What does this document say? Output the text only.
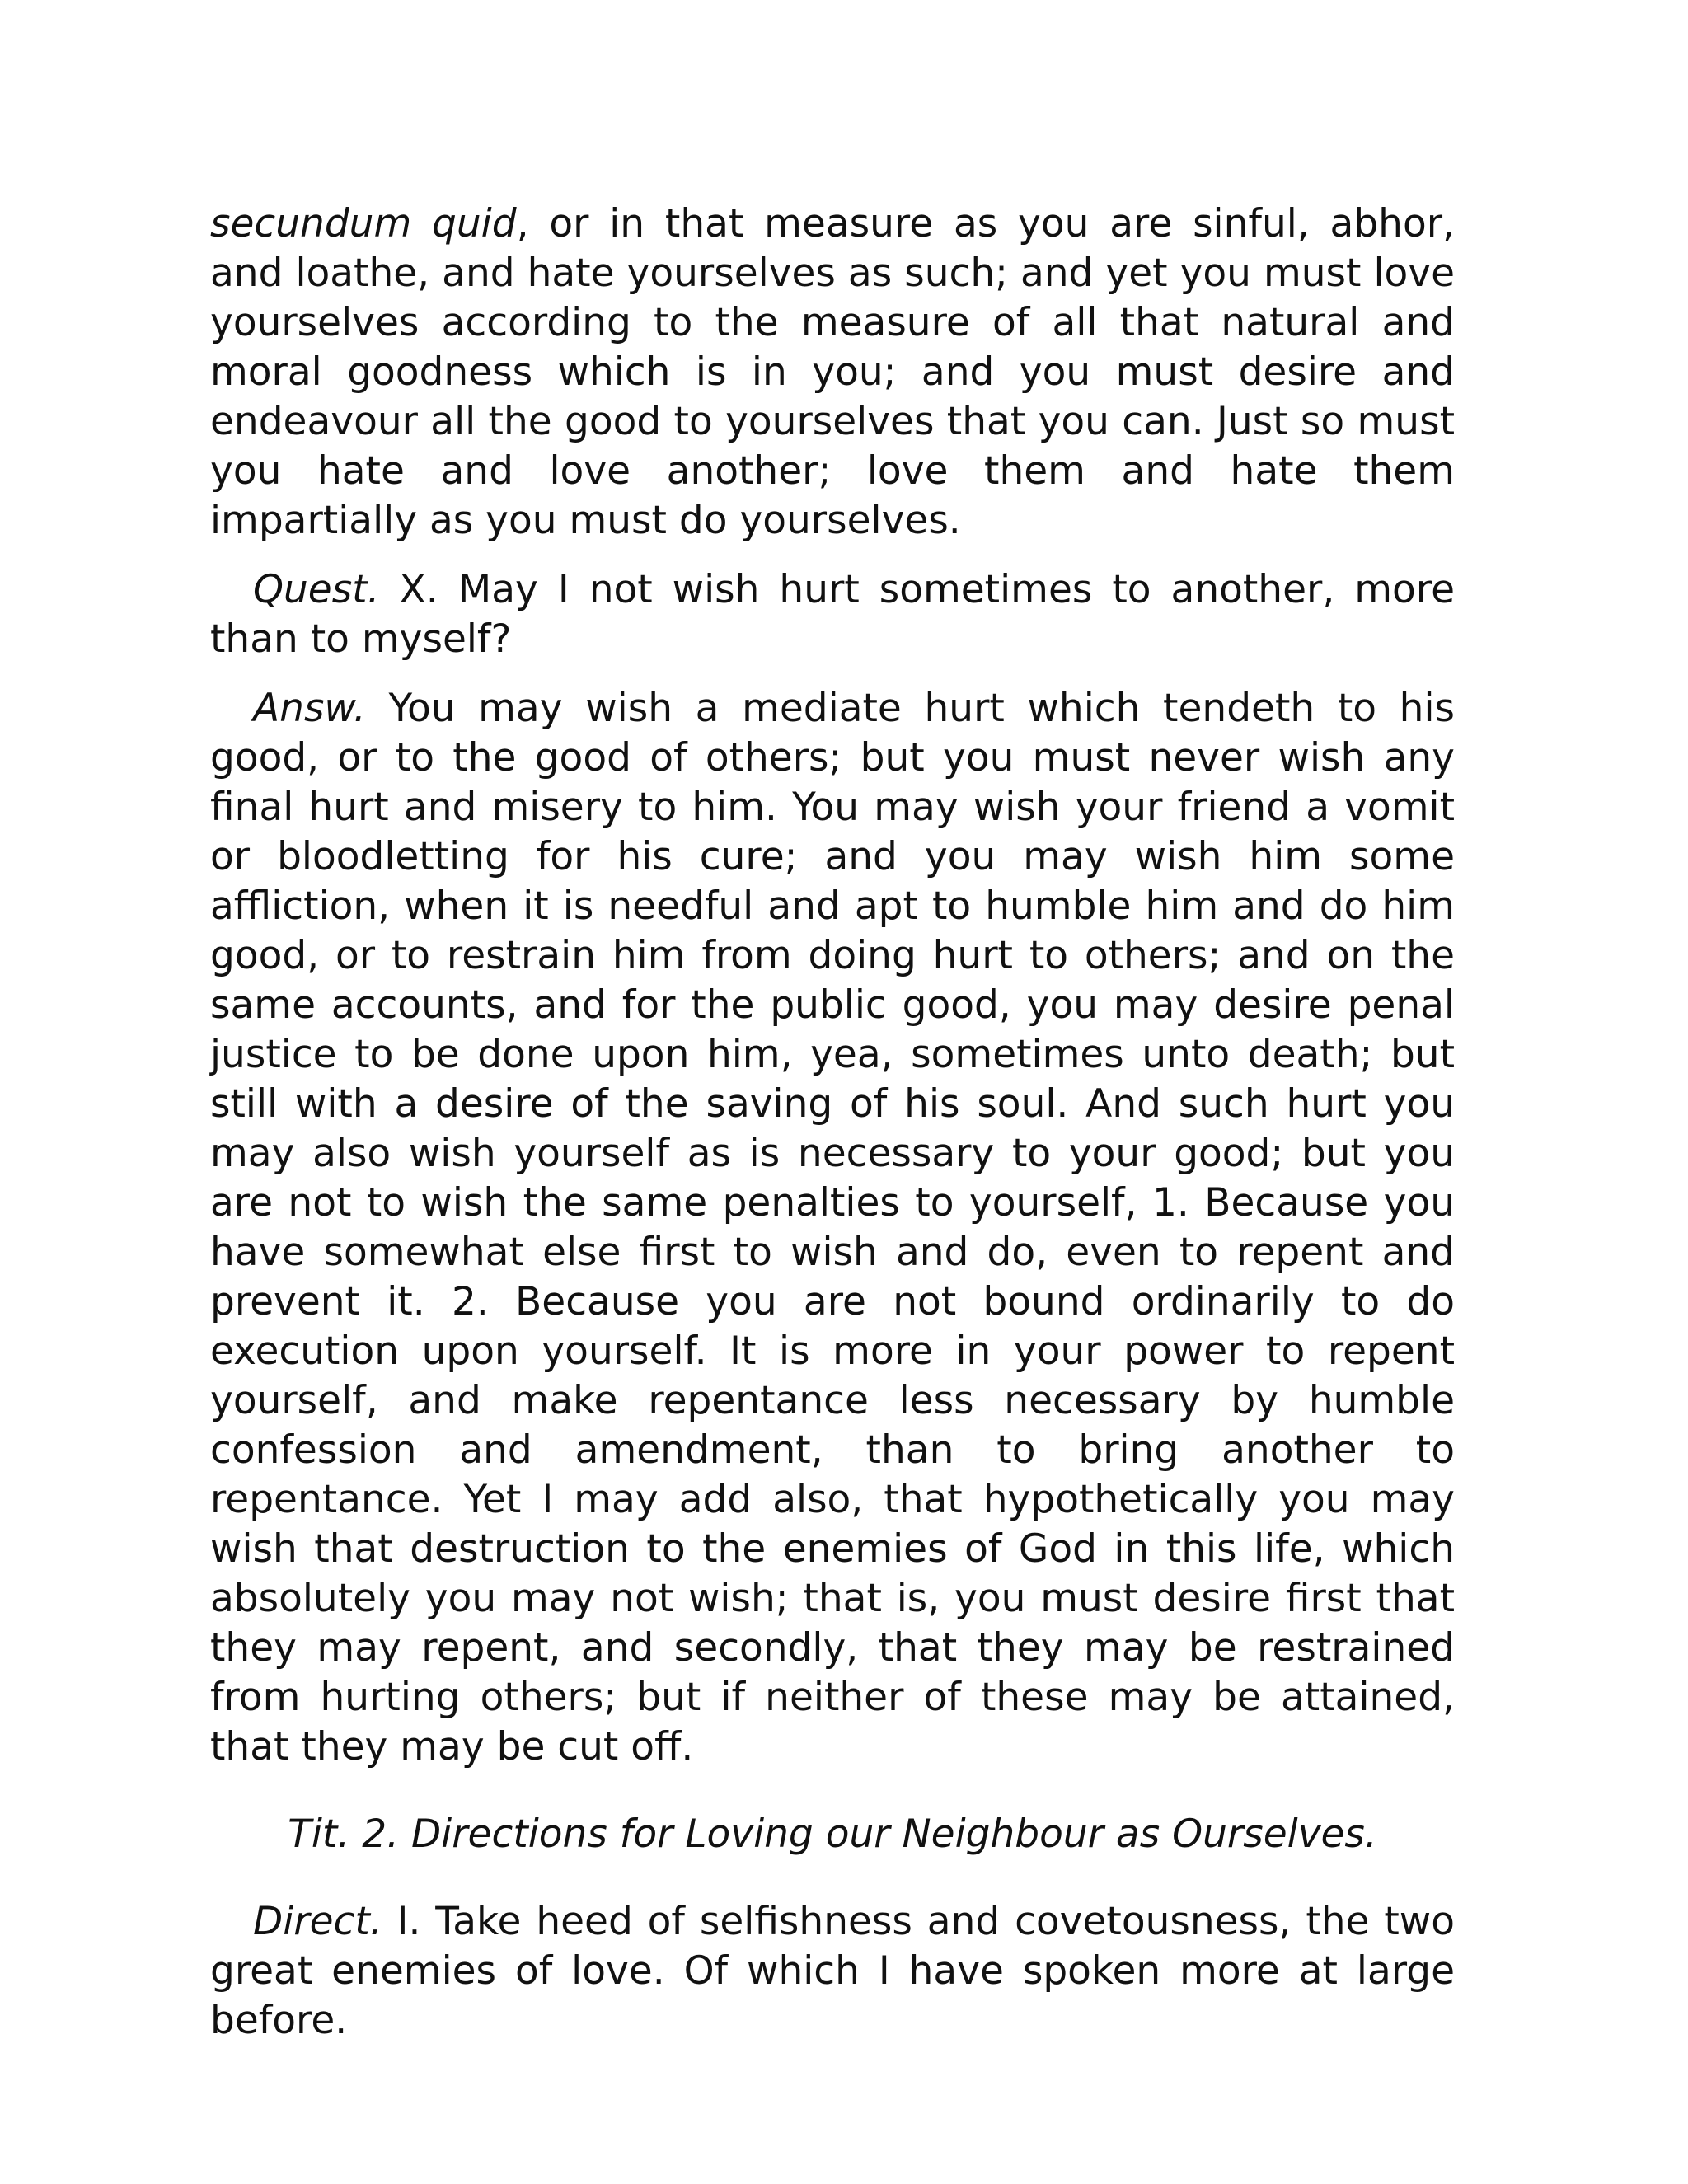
secundum quid, or in that measure as you are sinful, abhor, and loathe, and hate yourselves as such; and yet you must love yourselves according to the measure of all that natural and moral goodness which is in you; and you must desire and endeavour all the good to yourselves that you can. Just so must you hate and love another; love them and hate them impartially as you must do yourselves.

Quest. X. May I not wish hurt sometimes to another, more than to myself?

Answ. You may wish a mediate hurt which tendeth to his good, or to the good of others; but you must never wish any final hurt and misery to him. You may wish your friend a vomit or bloodletting for his cure; and you may wish him some affliction, when it is needful and apt to humble him and do him good, or to restrain him from doing hurt to others; and on the same accounts, and for the public good, you may desire penal justice to be done upon him, yea, sometimes unto death; but still with a desire of the saving of his soul. And such hurt you may also wish yourself as is necessary to your good; but you are not to wish the same penalties to yourself, 1. Because you have somewhat else first to wish and do, even to repent and prevent it. 2. Because you are not bound ordinarily to do execution upon yourself. It is more in your power to repent yourself, and make repentance less necessary by humble confession and amendment, than to bring another to repentance. Yet I may add also, that hypothetically you may wish that destruction to the enemies of God in this life, which absolutely you may not wish; that is, you must desire first that they may repent, and secondly, that they may be restrained from hurting others; but if neither of these may be attained, that they may be cut off.

Tit. 2. Directions for Loving our Neighbour as Ourselves.

Direct. I. Take heed of selfishness and covetousness, the two great enemies of love. Of which I have spoken more at large before.
